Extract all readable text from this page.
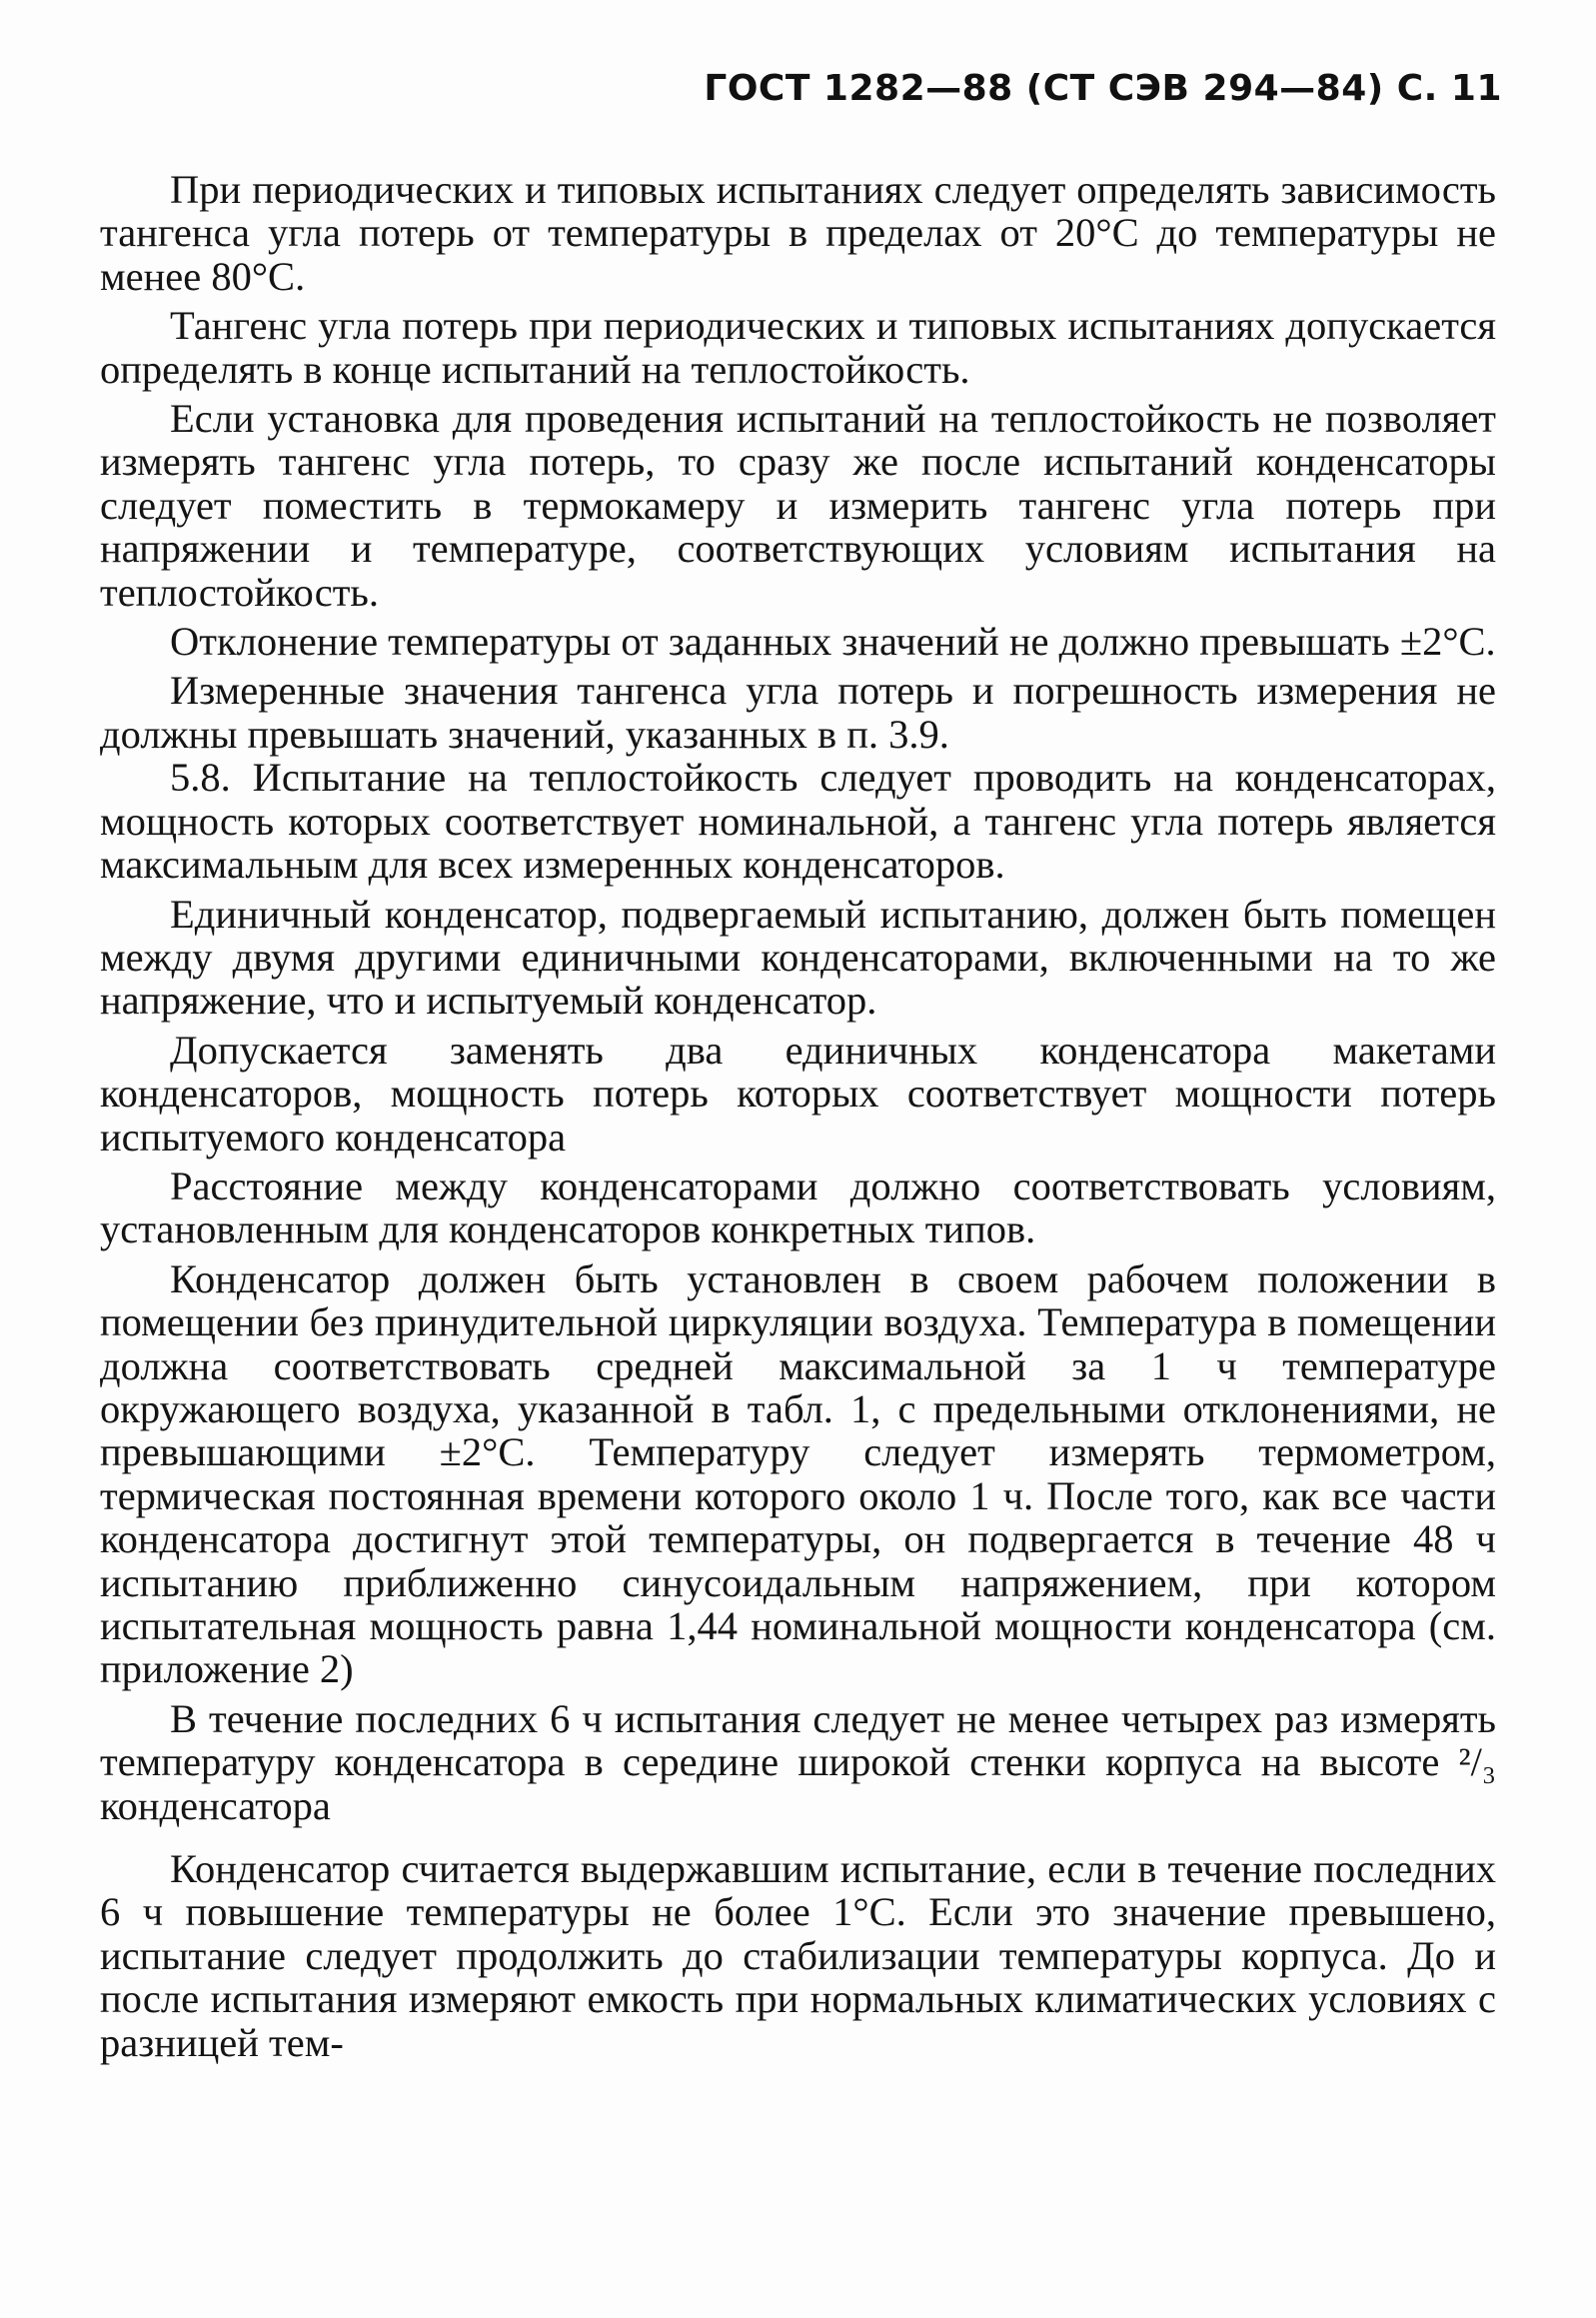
ГОСТ 1282—88 (СТ СЭВ 294—84) С. 11

При периодических и типовых испытаниях следует определять зависимость тангенса угла потерь от температуры в пределах от 20°С до температуры не менее 80°С.

Тангенс угла потерь при периодических и типовых испытаниях допускается определять в конце испытаний на теплостойкость.

Если установка для проведения испытаний на теплостойкость не позволяет измерять тангенс угла потерь, то сразу же после испытаний конденсаторы следует поместить в термокамеру и измерить тангенс угла потерь при напряжении и температуре, соответствующих условиям испытания на теплостойкость.

Отклонение температуры от заданных значений не должно превышать ±2°С.

Измеренные значения тангенса угла потерь и погрешность измерения не должны превышать значений, указанных в п. 3.9.

5.8. Испытание на теплостойкость следует проводить на конденсаторах, мощность которых соответствует номинальной, а тангенс угла потерь является максимальным для всех измеренных конденсаторов.

Единичный конденсатор, подвергаемый испытанию, должен быть помещен между двумя другими единичными конденсаторами, включенными на то же напряжение, что и испытуемый конденсатор.

Допускается заменять два единичных конденсатора макетами конденсаторов, мощность потерь которых соответствует мощности потерь испытуемого конденсатора

Расстояние между конденсаторами должно соответствовать условиям, установленным для конденсаторов конкретных типов.

Конденсатор должен быть установлен в своем рабочем положении в помещении без принудительной циркуляции воздуха. Температура в помещении должна соответствовать средней максимальной за 1 ч температуре окружающего воздуха, указанной в табл. 1, с предельными отклонениями, не превышающими ±2°С. Температуру следует измерять термометром, термическая постоянная времени которого около 1 ч. После того, как все части конденсатора достигнут этой температуры, он подвергается в течение 48 ч испытанию приближенно синусоидальным напряжением, при котором испытательная мощность равна 1,44 номинальной мощности конденсатора (см. приложение 2)

В течение последних 6 ч испытания следует не менее четырех раз измерять температуру конденсатора в середине широкой стенки корпуса на высоте ²/₃ конденсатора

Конденсатор считается выдержавшим испытание, если в течение последних 6 ч повышение температуры не более 1°С. Если это значение превышено, испытание следует продолжить до стабилизации температуры корпуса. До и после испытания измеряют емкость при нормальных климатических условиях с разницей тем-
